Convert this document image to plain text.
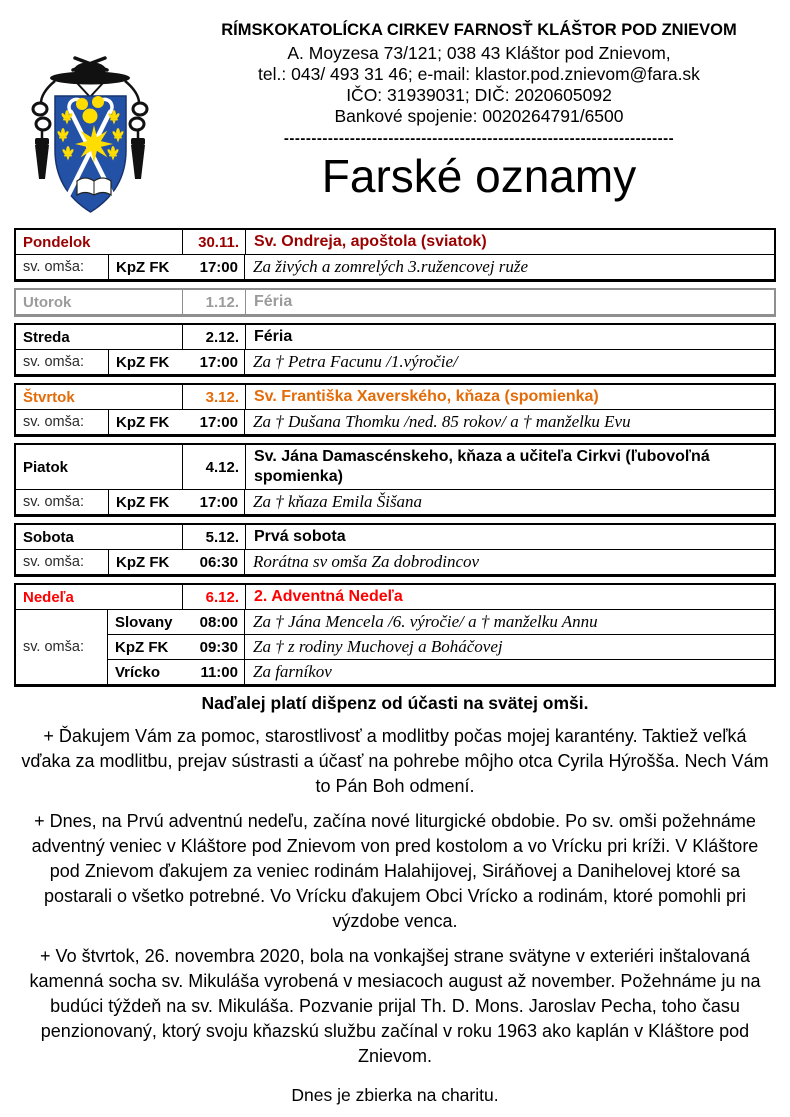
RÍMSKOKATOLÍCKA CIRKEV FARNOSŤ KLÁŠTOR POD ZNIEVOM
A. Moyzesa 73/121; 038 43 Kláštor pod Znievom,
tel.: 043/ 493 31 46; e-mail: klastor.pod.znievom@fara.sk
IČO: 31939031; DIČ: 2020605092
Bankové spojenie: 0020264791/6500
-----------------------------------------------------------------------
Farské oznamy
Pondelok	30.11. Sv. Ondreja, apoštola (sviatok)
sv. omša:	KpZ FK 17:00 Za živých a zomrelých 3.ružencovej ruže
Utorok	1.12. Féria
Streda	2.12. Féria
sv. omša:	KpZ FK 17:00 Za † Petra Facunu /1.výročie/
Štvrtok	3.12. Sv. Františka Xaverského, kňaza (spomienka)
sv. omša:	KpZ FK 17:00 Za † Dušana Thomku /ned. 85 rokov/ a † manželku Evu
Piatok	4.12.
Sv. Jána Damascénskeho, kňaza a učiteľa Cirkvi (ľubovoľná spomienka)
sv. omša:	KpZ FK 17:00 Za † kňaza Emila Šišana
Sobota	5.12. Prvá sobota
sv. omša:	KpZ FK 06:30 Rorátna sv omša Za dobrodincov
Nedeľa	6.12. 2. Adventná Nedeľa
sv. omša:
Slovany 08:00 Za † Jána Mencela /6. výročie/ a † manželku Annu
KpZ FK 09:30 Za † z rodiny Muchovej a Boháčovej
Vrícko	11:00 Za farníkov
Naďalej platí dišpenz od účasti na svätej omši.

+ Ďakujem Vám za pomoc, starostlivosť a modlitby počas mojej karantény. Taktiež veľká vďaka za modlitbu, prejav sústrasti a účasť na pohrebe môjho otca Cyrila Hýrošša. Nech Vám to Pán Boh odmení.

+ Dnes, na Prvú adventnú nedeľu, začína nové liturgické obdobie. Po sv. omši požehnáme adventný veniec v Kláštore pod Znievom von pred kostolom a vo Vrícku pri kríži. V Kláštore pod Znievom ďakujem za veniec rodinám Halahijovej, Siráňovej a Danihelovej ktoré sa postarali o všetko potrebné. Vo Vrícku ďakujem Obci Vrícko a rodinám, ktoré pomohli pri výzdobe venca.

+ Vo štvrtok, 26. novembra 2020, bola na vonkajšej strane svätyne v exteriéri inštalovaná kamenná socha sv. Mikuláša vyrobená v mesiacoch august až november. Požehnáme ju na budúci týždeň na sv. Mikuláša. Pozvanie prijal Th. D. Mons. Jaroslav Pecha, toho času penzionovaný, ktorý svoju kňazskú službu začínal v roku 1963 ako kaplán v Kláštore pod Znievom.

Dnes je zbierka na charitu.
